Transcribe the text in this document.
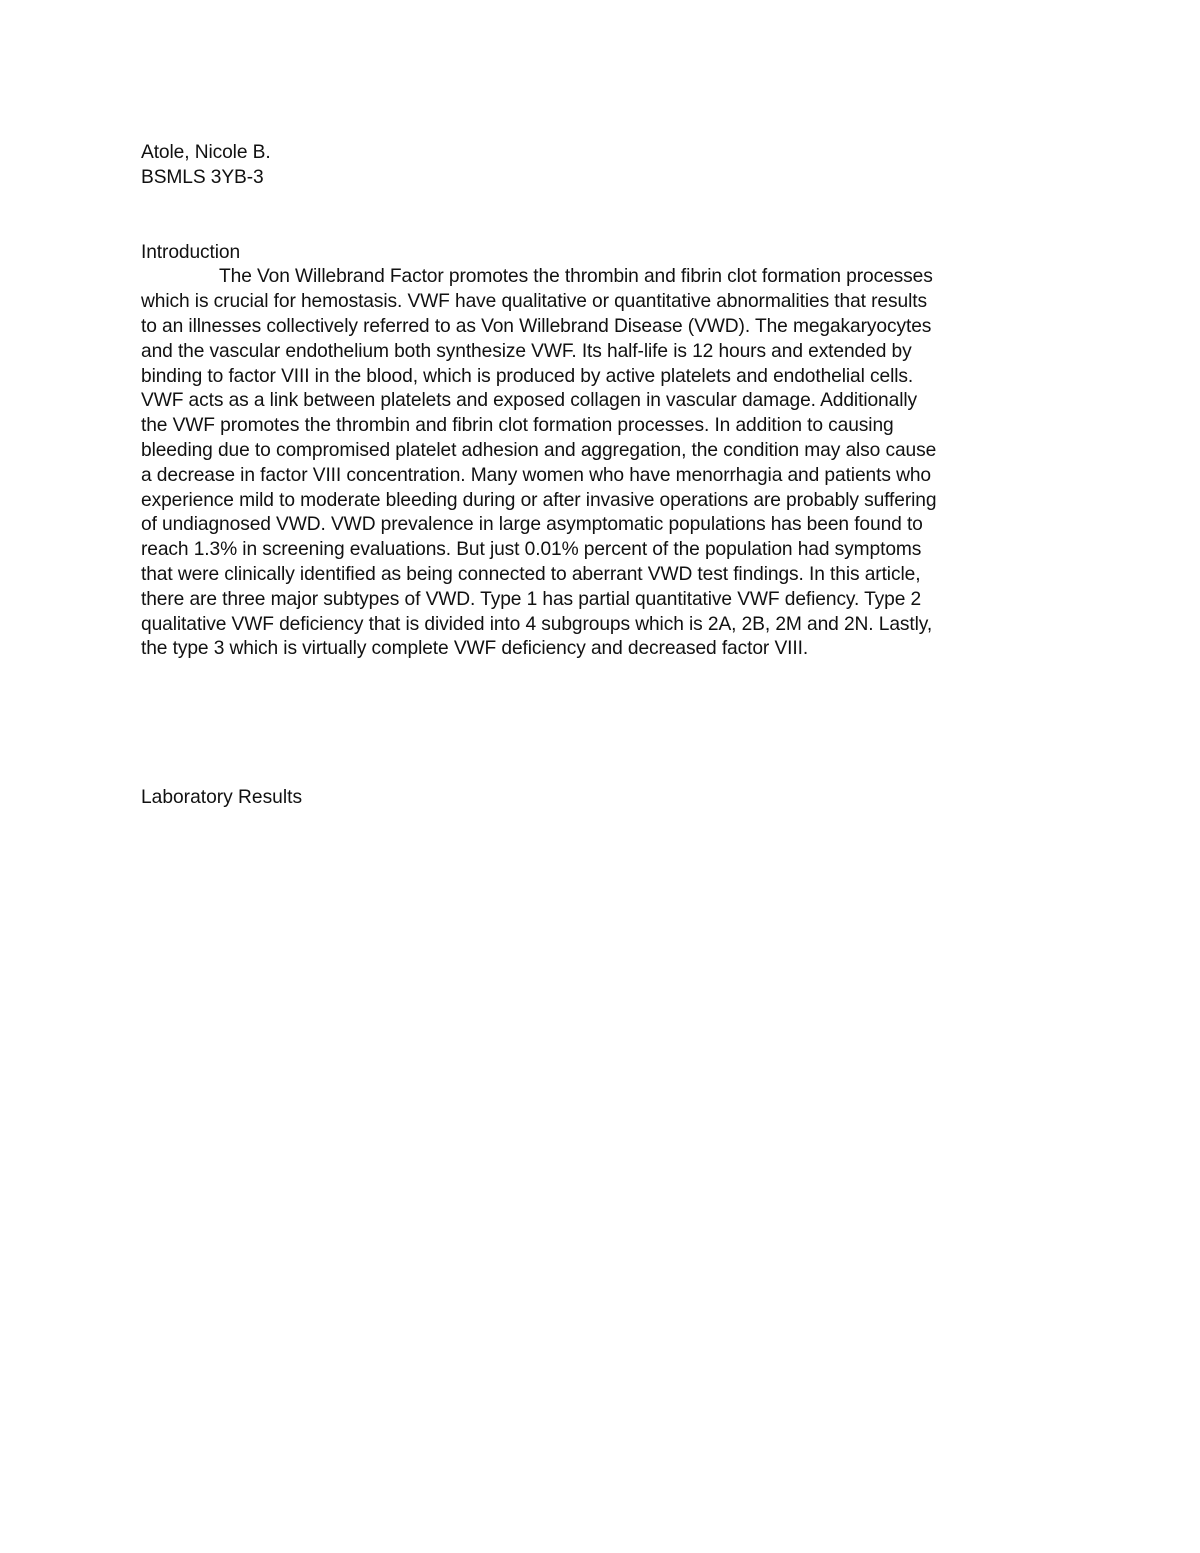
Atole, Nicole B.
BSMLS 3YB-3
Introduction
The Von Willebrand Factor promotes the thrombin and fibrin clot formation processes
which is crucial for hemostasis. VWF have qualitative or quantitative abnormalities that results
to an illnesses collectively referred to as Von Willebrand Disease (VWD). The megakaryocytes
and the vascular endothelium both synthesize VWF. Its half-life is 12 hours and extended by
binding to factor VIII in the blood, which is produced by active platelets and endothelial cells.
VWF acts as a link between platelets and exposed collagen in vascular damage. Additionally
the VWF promotes the thrombin and fibrin clot formation processes. In addition to causing
bleeding due to compromised platelet adhesion and aggregation, the condition may also cause
a decrease in factor VIII concentration. Many women who have menorrhagia and patients who
experience mild to moderate bleeding during or after invasive operations are probably suffering
of undiagnosed VWD. VWD prevalence in large asymptomatic populations has been found to
reach 1.3% in screening evaluations. But just 0.01% percent of the population had symptoms
that were clinically identified as being connected to aberrant VWD test findings. In this article,
there are three major subtypes of VWD. Type 1 has partial quantitative VWF defiency. Type 2
qualitative VWF deficiency that is divided into 4 subgroups which is 2A, 2B, 2M and 2N. Lastly,
the type 3 which is virtually complete VWF deficiency and decreased factor VIII.
Laboratory Results
